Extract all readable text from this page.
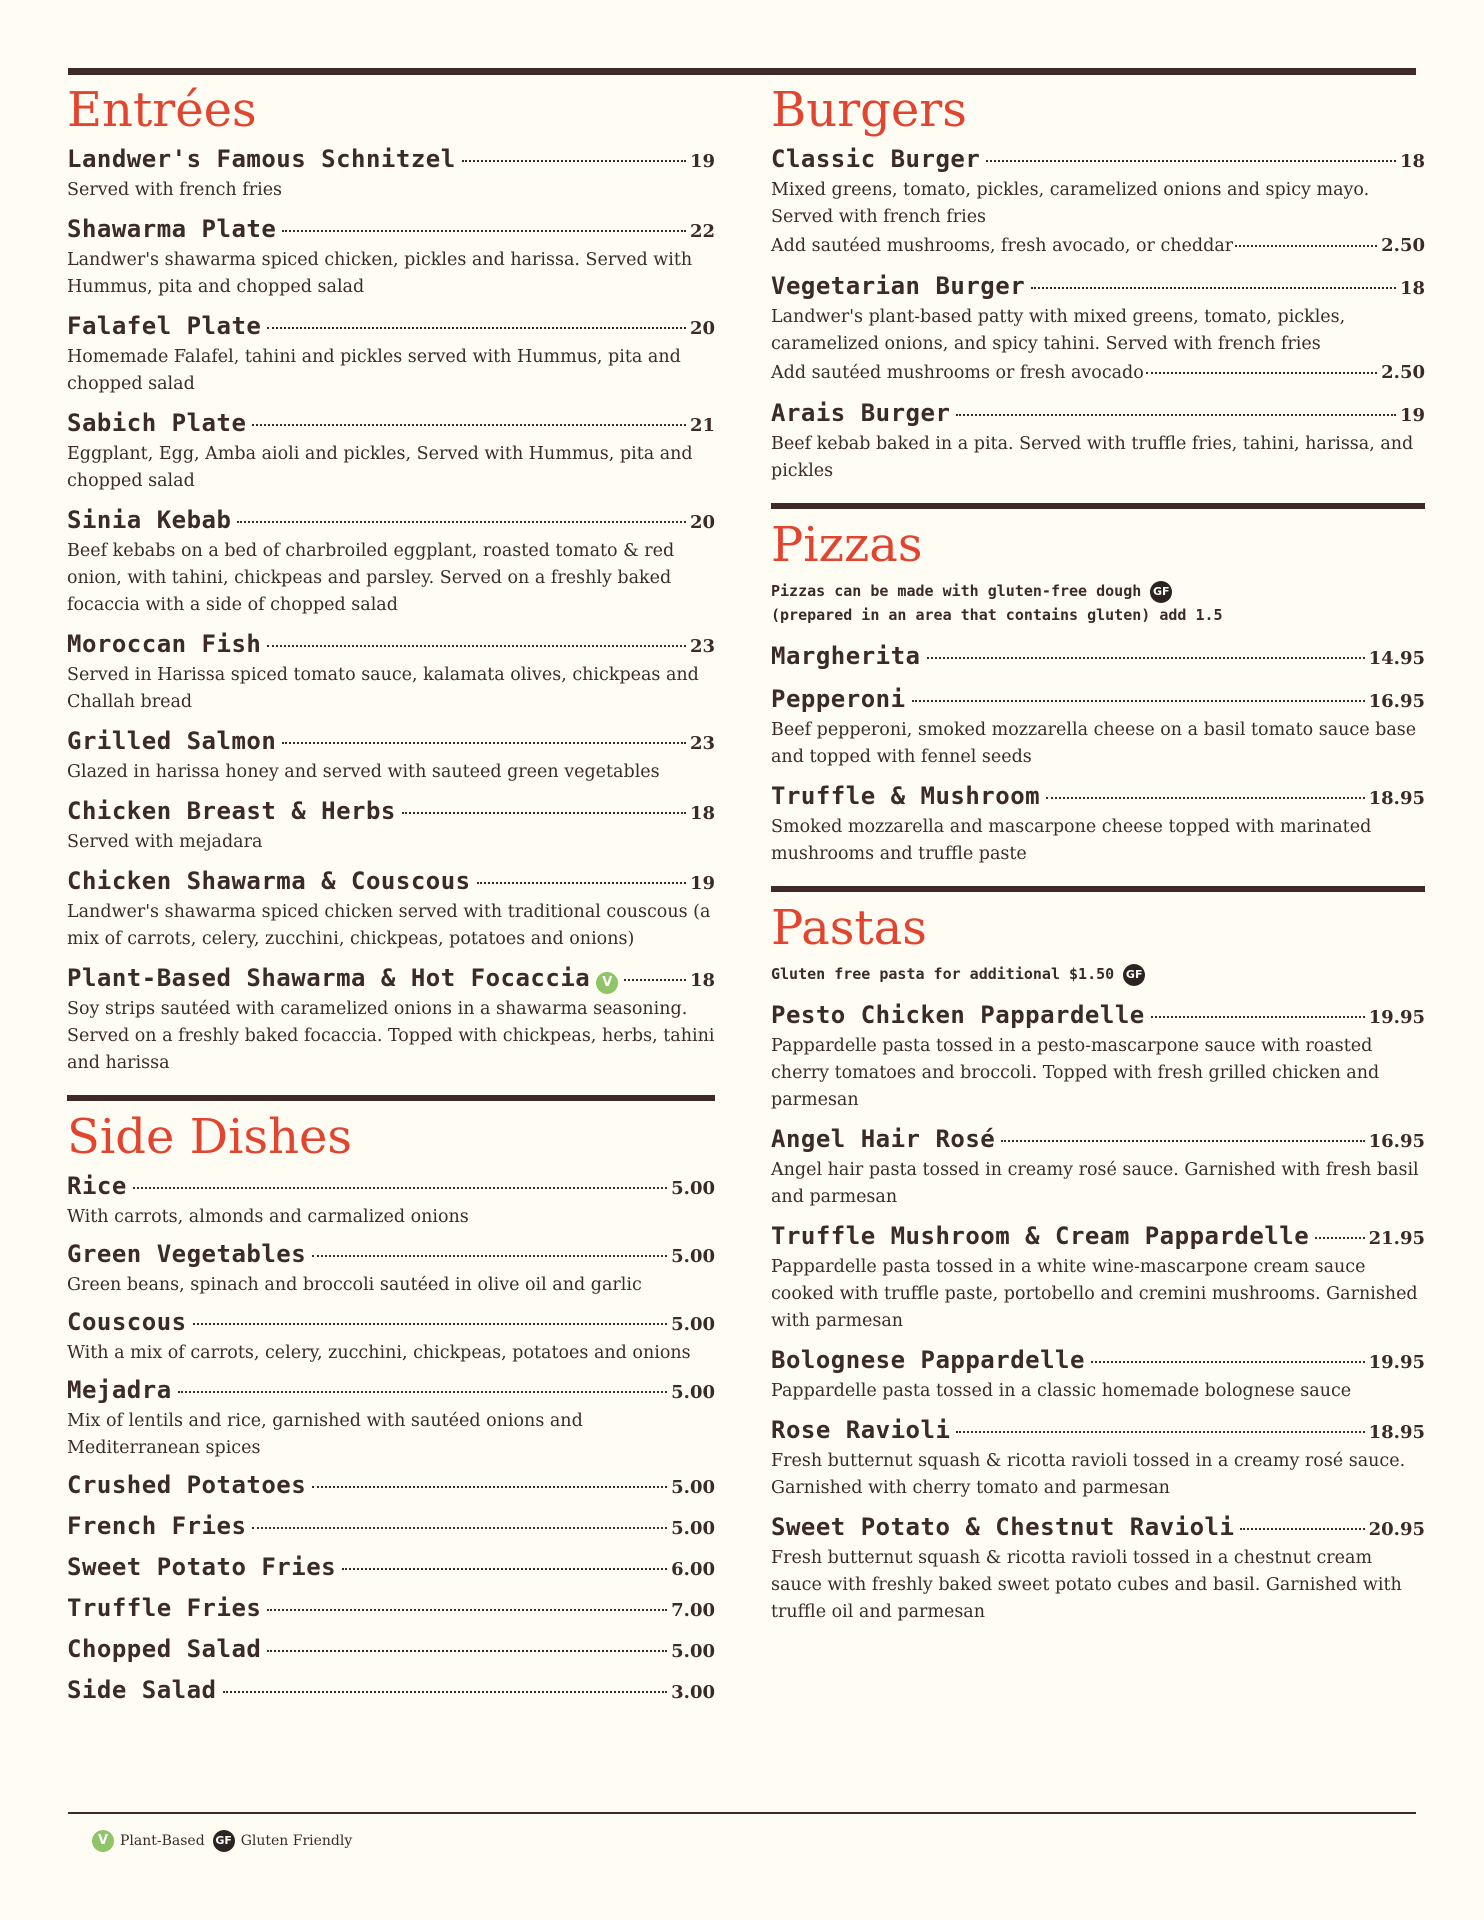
Entrées
Landwer's Famous Schnitzel	19
Served with french fries
Shawarma Plate	22
Landwer's shawarma spiced chicken, pickles and harissa. Served with Hummus, pita and chopped salad
Falafel Plate	20
Homemade Falafel, tahini and pickles served with Hummus, pita and chopped salad
Sabich Plate	21
Eggplant, Egg, Amba aioli and pickles, Served with Hummus, pita and chopped salad
Sinia Kebab	20
Beef kebabs on a bed of charbroiled eggplant, roasted tomato & red onion, with tahini, chickpeas and parsley. Served on a freshly baked focaccia with a side of chopped salad
Moroccan Fish	23
Served in Harissa spiced tomato sauce, kalamata olives, chickpeas and Challah bread
Grilled Salmon	23
Glazed in harissa honey and served with sauteed green vegetables
Chicken Breast & Herbs	18
Served with mejadara
Chicken Shawarma & Couscous	19
Landwer's shawarma spiced chicken served with traditional couscous (a mix of carrots, celery, zucchini, chickpeas, potatoes and onions)
Plant-Based Shawarma & Hot Focaccia V	18
Soy strips sautéed with caramelized onions in a shawarma seasoning. Served on a freshly baked focaccia. Topped with chickpeas, herbs, tahini and harissa
Side Dishes
Rice	5.00
With carrots, almonds and carmalized onions
Green Vegetables	5.00
Green beans, spinach and broccoli sautéed in olive oil and garlic
Couscous	5.00
With a mix of carrots, celery, zucchini, chickpeas, potatoes and onions
Mejadra	5.00
Mix of lentils and rice, garnished with sautéed onions and Mediterranean spices
Crushed Potatoes	5.00
French Fries	5.00
Sweet Potato Fries	6.00
Truffle Fries	7.00
Chopped Salad	5.00
Side Salad	3.00
Burgers
Classic Burger	18
Mixed greens, tomato, pickles, caramelized onions and spicy mayo. Served with french fries
Add sautéed mushrooms, fresh avocado, or cheddar	2.50
Vegetarian Burger	18
Landwer's plant-based patty with mixed greens, tomato, pickles, caramelized onions, and spicy tahini. Served with french fries
Add sautéed mushrooms or fresh avocado	2.50
Arais Burger	19
Beef kebab baked in a pita. Served with truffle fries, tahini, harissa, and pickles
Pizzas
Pizzas can be made with gluten-free dough GF
(prepared in an area that contains gluten) add 1.5
Margherita	14.95
Pepperoni	16.95
Beef pepperoni, smoked mozzarella cheese on a basil tomato sauce base and topped with fennel seeds
Truffle & Mushroom	18.95
Smoked mozzarella and mascarpone cheese topped with marinated mushrooms and truffle paste
Pastas
Gluten free pasta for additional $1.50 GF
Pesto Chicken Pappardelle	19.95
Pappardelle pasta tossed in a pesto-mascarpone sauce with roasted cherry tomatoes and broccoli. Topped with fresh grilled chicken and parmesan
Angel Hair Rosé	16.95
Angel hair pasta tossed in creamy rosé sauce. Garnished with fresh basil and parmesan
Truffle Mushroom & Cream Pappardelle	21.95
Pappardelle pasta tossed in a white wine-mascarpone cream sauce cooked with truffle paste, portobello and cremini mushrooms. Garnished with parmesan
Bolognese Pappardelle	19.95
Pappardelle pasta tossed in a classic homemade bolognese sauce
Rose Ravioli	18.95
Fresh butternut squash & ricotta ravioli tossed in a creamy rosé sauce. Garnished with cherry tomato and parmesan
Sweet Potato & Chestnut Ravioli	20.95
Fresh butternut squash & ricotta ravioli tossed in a chestnut cream sauce with freshly baked sweet potato cubes and basil. Garnished with truffle oil and parmesan
V Plant-Based GF Gluten Friendly
